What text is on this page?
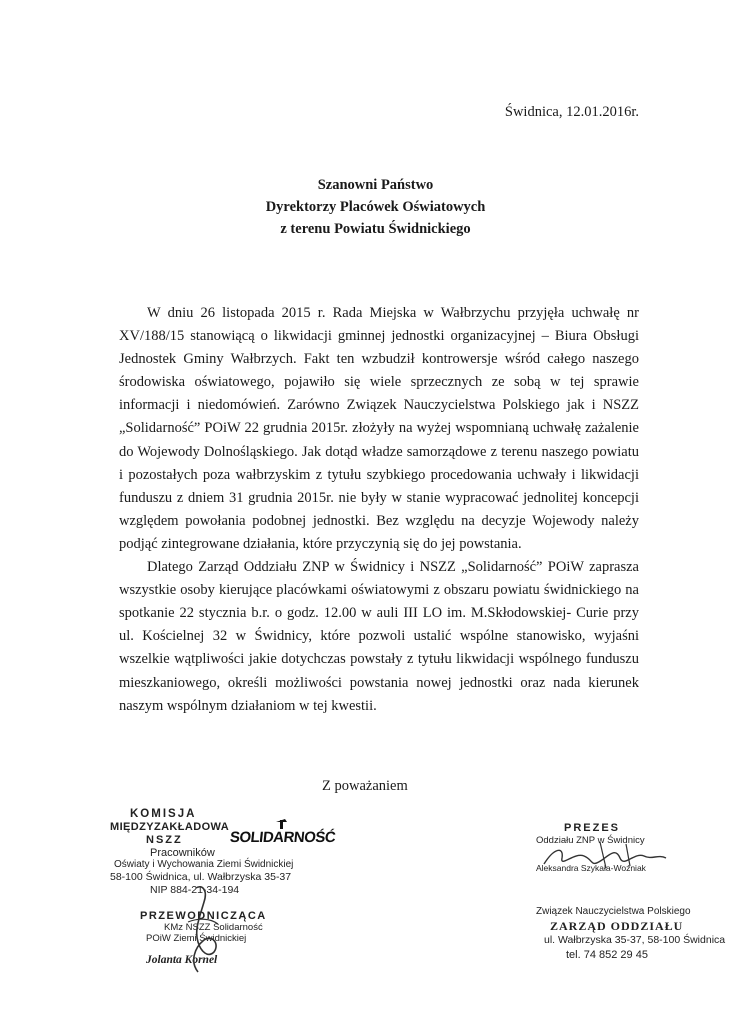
Świdnica, 12.01.2016r.
Szanowni Państwo
Dyrektorzy Placówek Oświatowych
z terenu Powiatu Świdnickiego

W dniu 26 listopada 2015 r. Rada Miejska w Wałbrzychu przyjęła uchwałę nr XV/188/15 stanowiącą o likwidacji gminnej jednostki organizacyjnej – Biura Obsługi Jednostek Gminy Wałbrzych. Fakt ten wzbudził kontrowersje wśród całego naszego środowiska oświatowego, pojawiło się wiele sprzecznych ze sobą w tej sprawie informacji i niedomówień. Zarówno Związek Nauczycielstwa Polskiego jak i NSZZ „Solidarność” POiW 22 grudnia 2015r. złożyły na wyżej wspomnianą uchwałę zażalenie do Wojewody Dolnośląskiego. Jak dotąd władze samorządowe z terenu naszego powiatu i pozostałych poza wałbrzyskim z tytułu szybkiego procedowania uchwały i likwidacji funduszu z dniem 31 grudnia 2015r. nie były w stanie wypracować jednolitej koncepcji względem powołania podobnej jednostki. Bez względu na decyzje Wojewody należy podjąć zintegrowane działania, które przyczynią się do jej powstania.

Dlatego Zarząd Oddziału ZNP w Świdnicy i NSZZ „Solidarność” POiW zaprasza wszystkie osoby kierujące placówkami oświatowymi z obszaru powiatu świdnickiego na spotkanie 22 stycznia b.r. o godz. 12.00 w auli III LO im. M.Skłodowskiej- Curie przy ul. Kościelnej 32 w Świdnicy, które pozwoli ustalić wspólne stanowisko, wyjaśni wszelkie wątpliwości jakie dotychczas powstały z tytułu likwidacji wspólnego funduszu mieszkaniowego, określi możliwości powstania nowej jednostki oraz nada kierunek naszym wspólnym działaniom w tej kwestii.

Z poważaniem
KOMISJA
MIĘDZYZAKŁADOWA
NSZZ
Pracowników
Oświaty i Wychowania Ziemi Świdnickiej
58-100 Świdnica, ul. Wałbrzyska 35-37
NIP 884-21-34-194
SOLIDARNOŚĆ
PRZEWODNICZĄCA
KMz NSZZ Solidarność
POiW Ziemi Świdnickiej
Jolanta Kornel
PREZES
Oddziału ZNP w Świdnicy
Aleksandra Szykała-Woźniak
Związek Nauczycielstwa Polskiego
ZARZĄD ODDZIAŁU
ul. Wałbrzyska 35-37, 58-100 Świdnica
tel. 74 852 29 45
